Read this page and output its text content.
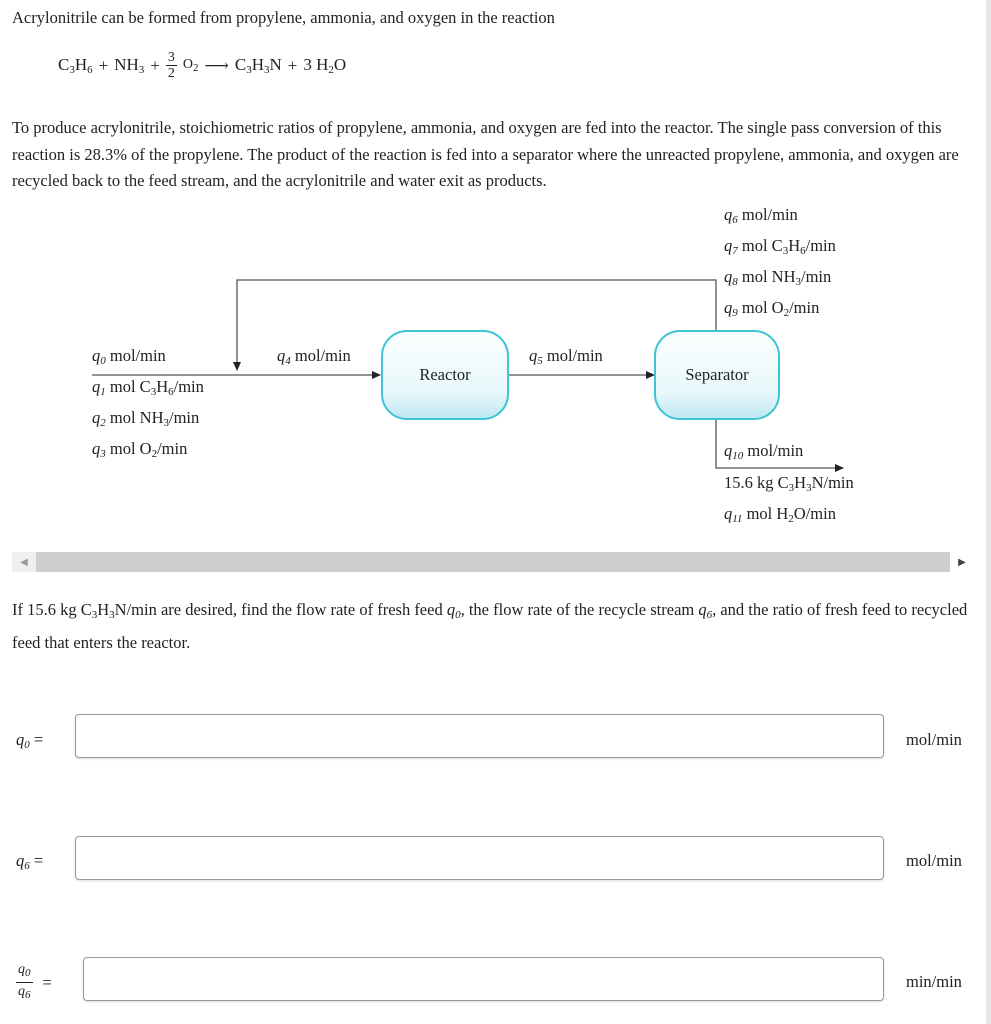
Acrylonitrile can be formed from propylene, ammonia, and oxygen in the reaction
$C_3H_6 + NH_3 + \frac{3}{2} O_2$ ⟶ $C_3H_3N + 3$ $H_2O$
To produce acrylonitrile, stoichiometric ratios of propylene, ammonia, and oxygen are fed into the reactor. The single pass conversion of this reaction is 28.3% of the propylene. The product of the reaction is fed into a separator where the unreacted propylene, ammonia, and oxygen are recycled back to the feed stream, and the acrylonitrile and water exit as products.
Reactor	Separator
$q_6$ mol/min
$q_7$ mol $C_3H_6/\min$
$q_8$ mol $NH_3/\min$
$q_9$ mol $O_2/\min$
$q_0$ mol/min
$q_1$ mol $C_3H_6/\min$
$q_2$ mol $NH_3/\min$
$q_3$ mol $O_2/\min$
$q_4$ mol/min	$q_5$ mol/min
$q_{10}$ mol/min
15.6 kg $C_3H_3N/\min$
$q_{11}$ mol $H_2O/\min$
◀	▶
If 15.6 kg $C_3H_3N/\min$ are desired, find the flow rate of fresh feed $q_0$, the flow rate of the recycle stream $q_6$, and the ratio of fresh feed to recycled feed that enters the reactor.
$q_0$ =	mol/min
$q_6$ =	mol/min
$\frac{q_0}{q_6}$ =	min/min
